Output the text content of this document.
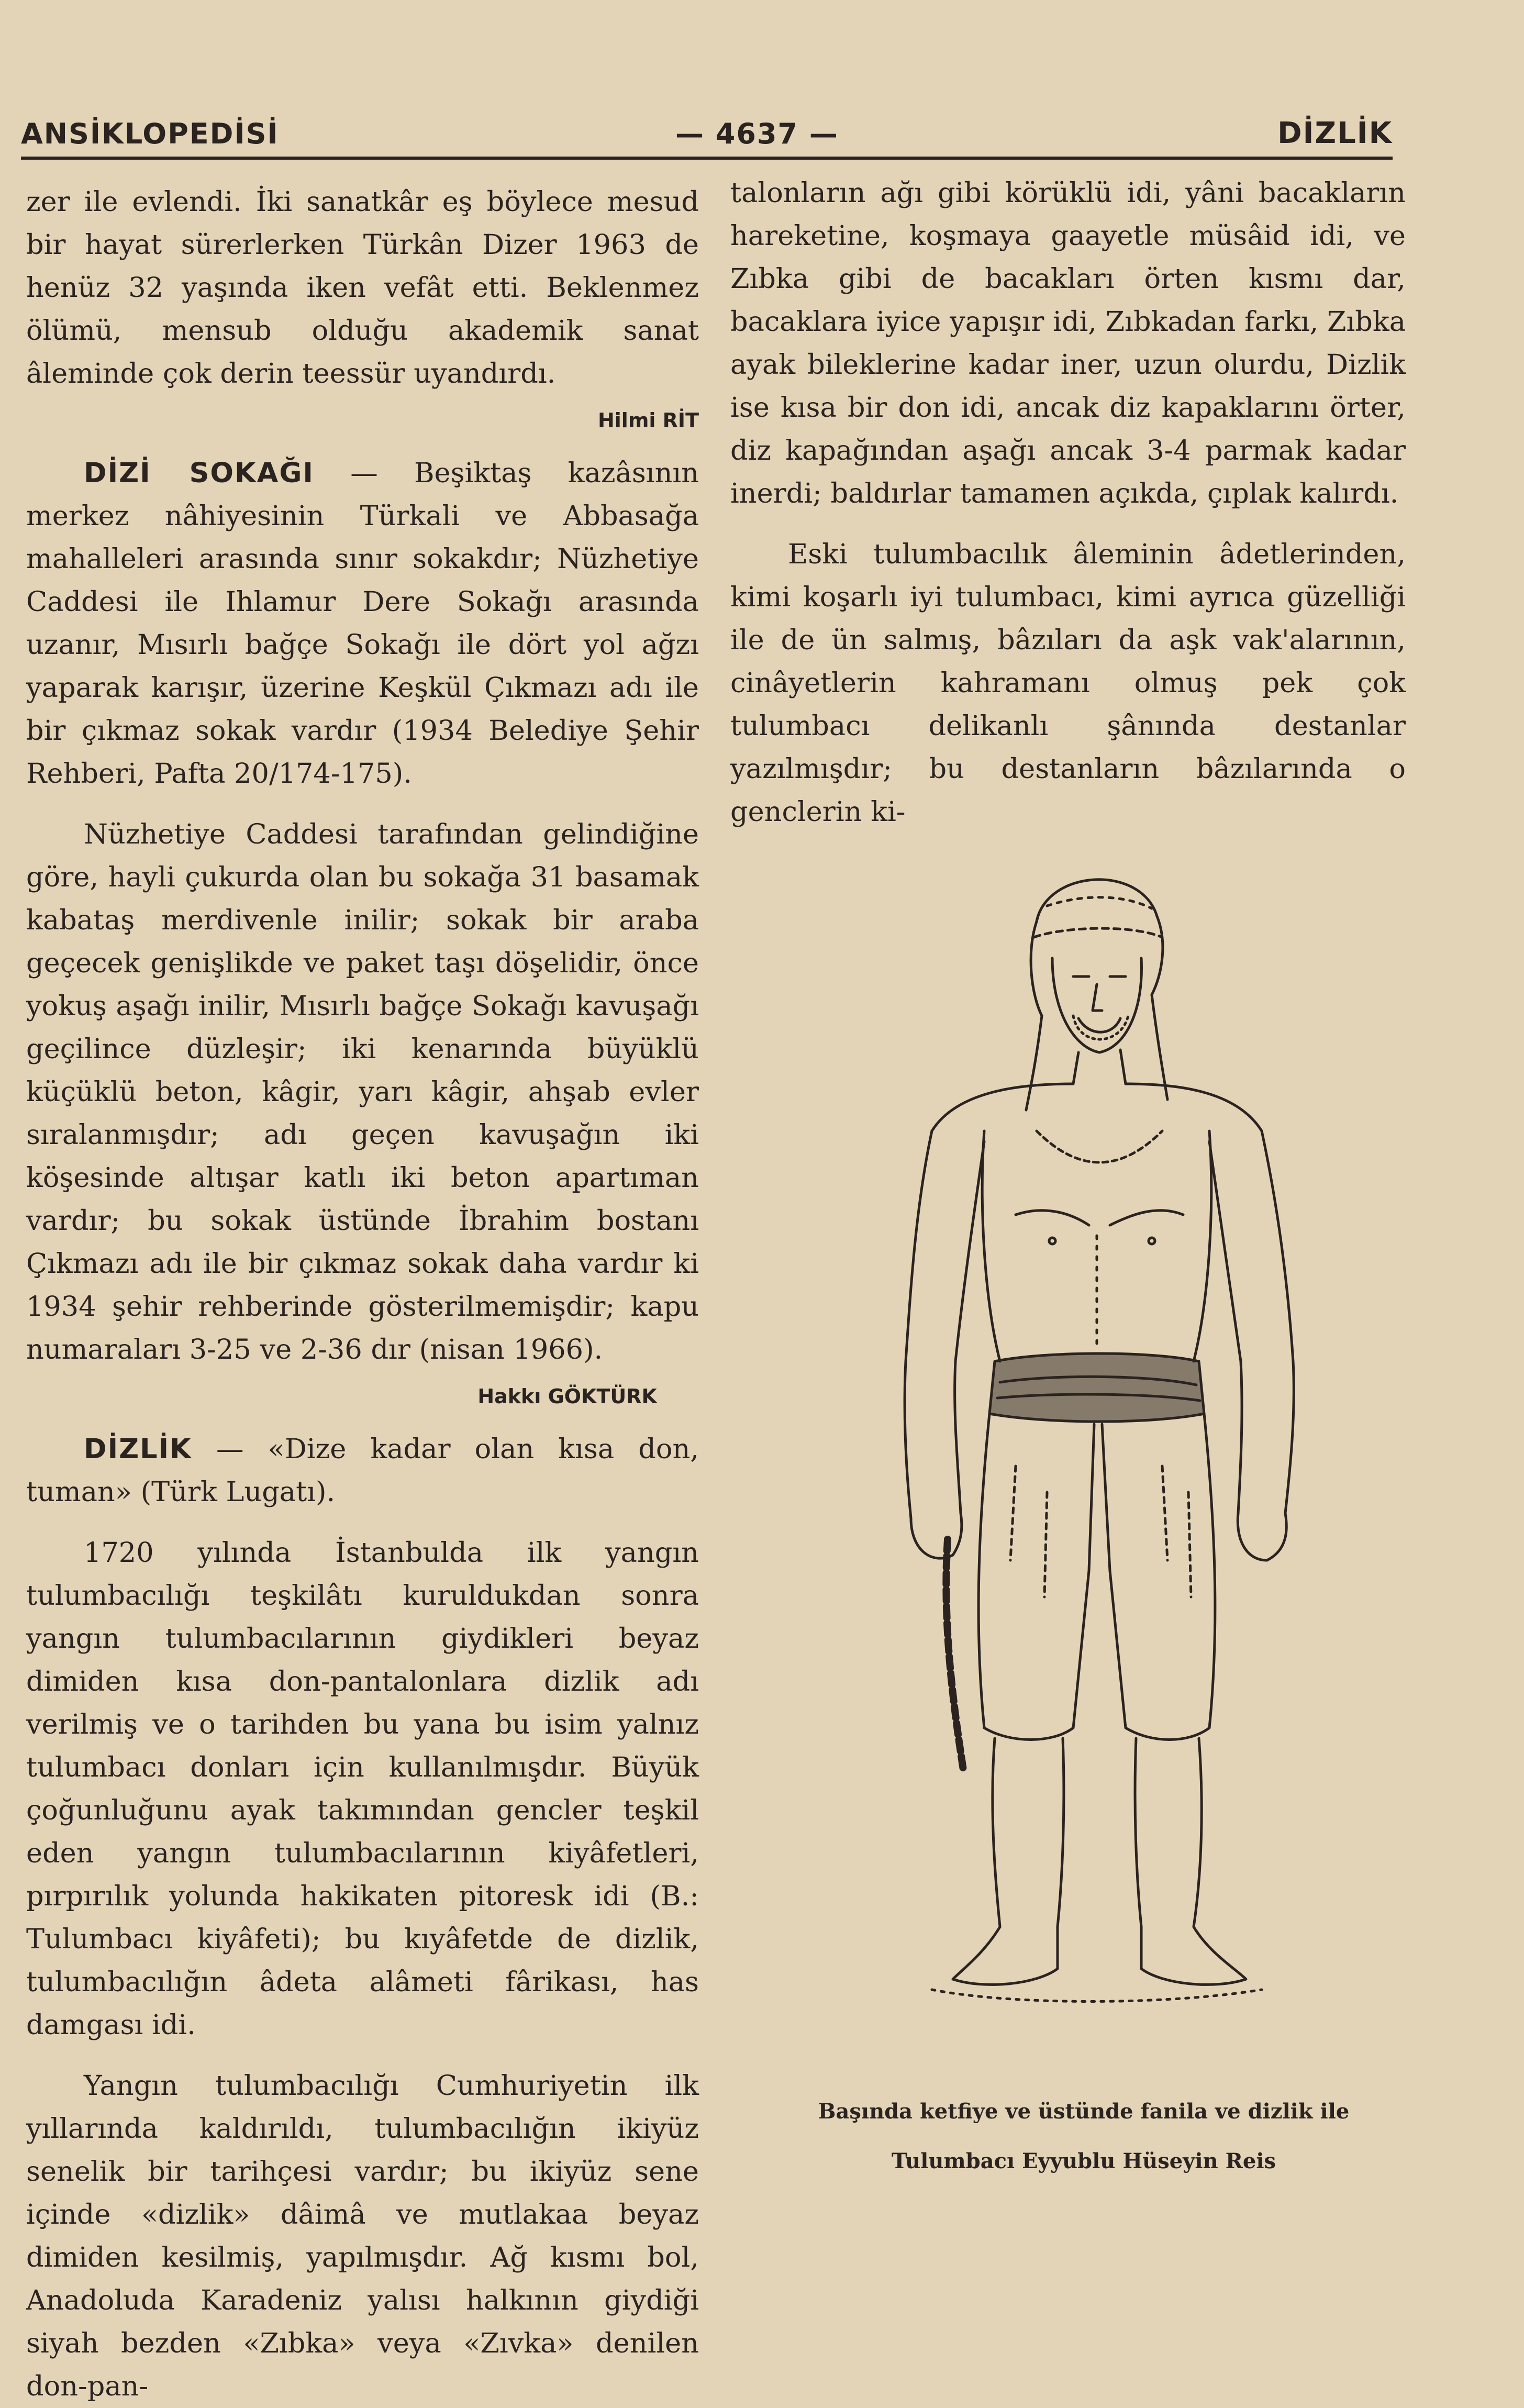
ANSİKLOPEDİSİ	— 4637 —	DİZLİK

zer ile evlendi. İki sanatkâr eş böylece mesud bir hayat sürerlerken Türkân Dizer 1963 de henüz 32 yaşında iken vefât etti. Beklenmez ölümü, mensub olduğu akademik sanat âleminde çok derin teessür uyandırdı.

Hilmi RİT

DİZİ SOKAĞI — Beşiktaş kazâsının merkez nâhiyesinin Türkali ve Abbasağa mahalleleri arasında sınır sokakdır; Nüzhetiye Caddesi ile Ihlamur Dere Sokağı arasında uzanır, Mısırlı bağçe Sokağı ile dört yol ağzı yaparak karışır, üzerine Keşkül Çıkmazı adı ile bir çıkmaz sokak vardır (1934 Belediye Şehir Rehberi, Pafta 20/174-175).

Nüzhetiye Caddesi tarafından gelindiğine göre, hayli çukurda olan bu sokağa 31 basamak kabataş merdivenle inilir; sokak bir araba geçecek genişlikde ve paket taşı döşelidir, önce yokuş aşağı inilir, Mısırlı bağçe Sokağı kavuşağı geçilince düzleşir; iki kenarında büyüklü küçüklü beton, kâgir, yarı kâgir, ahşab evler sıralanmışdır; adı geçen kavuşağın iki köşesinde altışar katlı iki beton apartıman vardır; bu sokak üstünde İbrahim bostanı Çıkmazı adı ile bir çıkmaz sokak daha vardır ki 1934 şehir rehberinde gösterilmemişdir; kapu numaraları 3-25 ve 2-36 dır (nisan 1966).

Hakkı GÖKTÜRK

DİZLİK — «Dize kadar olan kısa don, tuman» (Türk Lugatı).

1720 yılında İstanbulda ilk yangın tulumbacılığı teşkilâtı kuruldukdan sonra yangın tulumbacılarının giydikleri beyaz dimiden kısa don-pantalonlara dizlik adı verilmiş ve o tarihden bu yana bu isim yalnız tulumbacı donları için kullanılmışdır. Büyük çoğunluğunu ayak takımından gencler teşkil eden yangın tulumbacılarının kiyâfetleri, pırpırılık yolunda hakikaten pitoresk idi (B.: Tulumbacı kiyâfeti); bu kıyâfetde de dizlik, tulumbacılığın âdeta alâmeti fârikası, has damgası idi.

Yangın tulumbacılığı Cumhuriyetin ilk yıllarında kaldırıldı, tulumbacılığın ikiyüz senelik bir tarihçesi vardır; bu ikiyüz sene içinde «dizlik» dâimâ ve mutlakaa beyaz dimiden kesilmiş, yapılmışdır. Ağ kısmı bol, Anadoluda Karadeniz yalısı halkının giydiği siyah bezden «Zıbka» veya «Zıvka» denilen don-pan-

talonların ağı gibi körüklü idi, yâni bacakların hareketine, koşmaya gaayetle müsâid idi, ve Zıbka gibi de bacakları örten kısmı dar, bacaklara iyice yapışır idi, Zıbkadan farkı, Zıbka ayak bileklerine kadar iner, uzun olurdu, Dizlik ise kısa bir don idi, ancak diz kapaklarını örter, diz kapağından aşağı ancak 3-4 parmak kadar inerdi; baldırlar tamamen açıkda, çıplak kalırdı.

Eski tulumbacılık âleminin âdetlerinden, kimi koşarlı iyi tulumbacı, kimi ayrıca güzelliği ile de ün salmış, bâzıları da aşk vak'alarının, cinâyetlerin kahramanı olmuş pek çok tulumbacı delikanlı şânında destanlar yazılmışdır; bu destanların bâzılarında o genclerin ki-

Başında ketfiye ve üstünde fanila ve dizlik ile
Tulumbacı Eyyublu Hüseyin Reis
